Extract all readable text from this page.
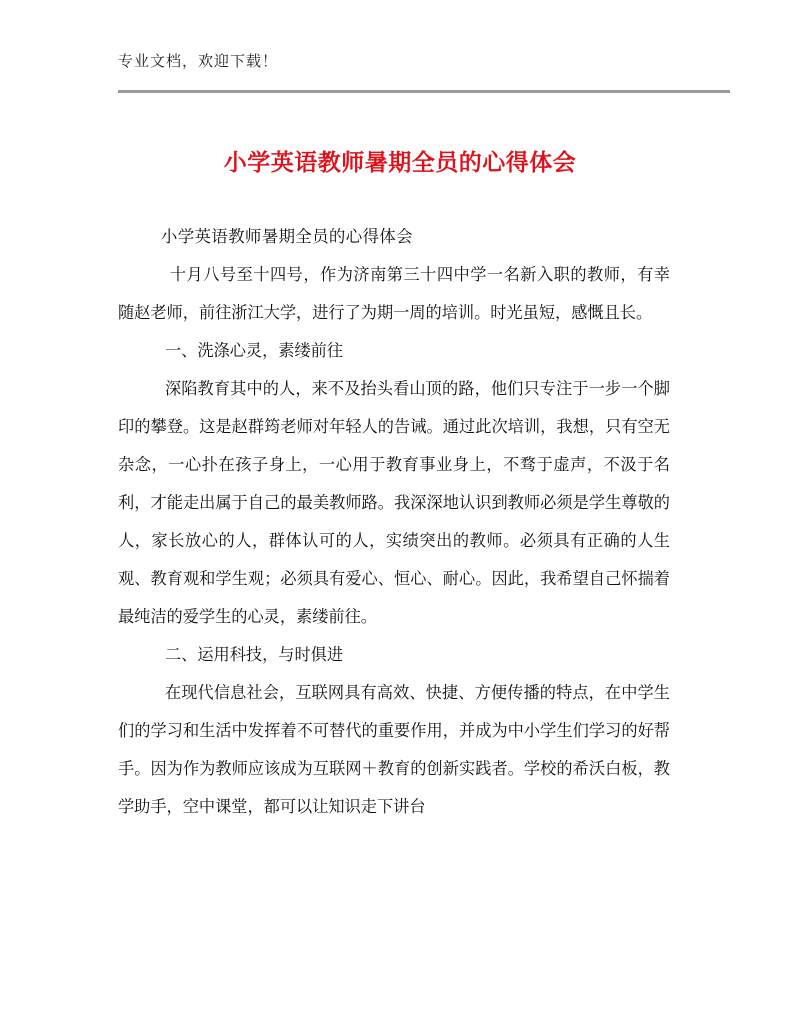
专业文档，欢迎下载！
小学英语教师暑期全员的心得体会

小学英语教师暑期全员的心得体会

十月八号至十四号，作为济南第三十四中学一名新入职的教师，有幸随赵老师，前往浙江大学，进行了为期一周的培训。时光虽短，感慨且长。

一、洗涤心灵，素缕前往

深陷教育其中的人，来不及抬头看山顶的路，他们只专注于一步一个脚印的攀登。这是赵群筠老师对年轻人的告诫。通过此次培训，我想，只有空无杂念，一心扑在孩子身上，一心用于教育事业身上，不骛于虚声，不汲于名利，才能走出属于自己的最美教师路。我深深地认识到教师必须是学生尊敬的人，家长放心的人，群体认可的人，实绩突出的教师。必须具有正确的人生观、教育观和学生观；必须具有爱心、恒心、耐心。因此，我希望自己怀揣着最纯洁的爱学生的心灵，素缕前往。

二、运用科技，与时俱进

在现代信息社会，互联网具有高效、快捷、方便传播的特点，在中学生们的学习和生活中发挥着不可替代的重要作用，并成为中小学生们学习的好帮手。因为作为教师应该成为互联网＋教育的创新实践者。学校的希沃白板，教学助手，空中课堂，都可以让知识走下讲台
